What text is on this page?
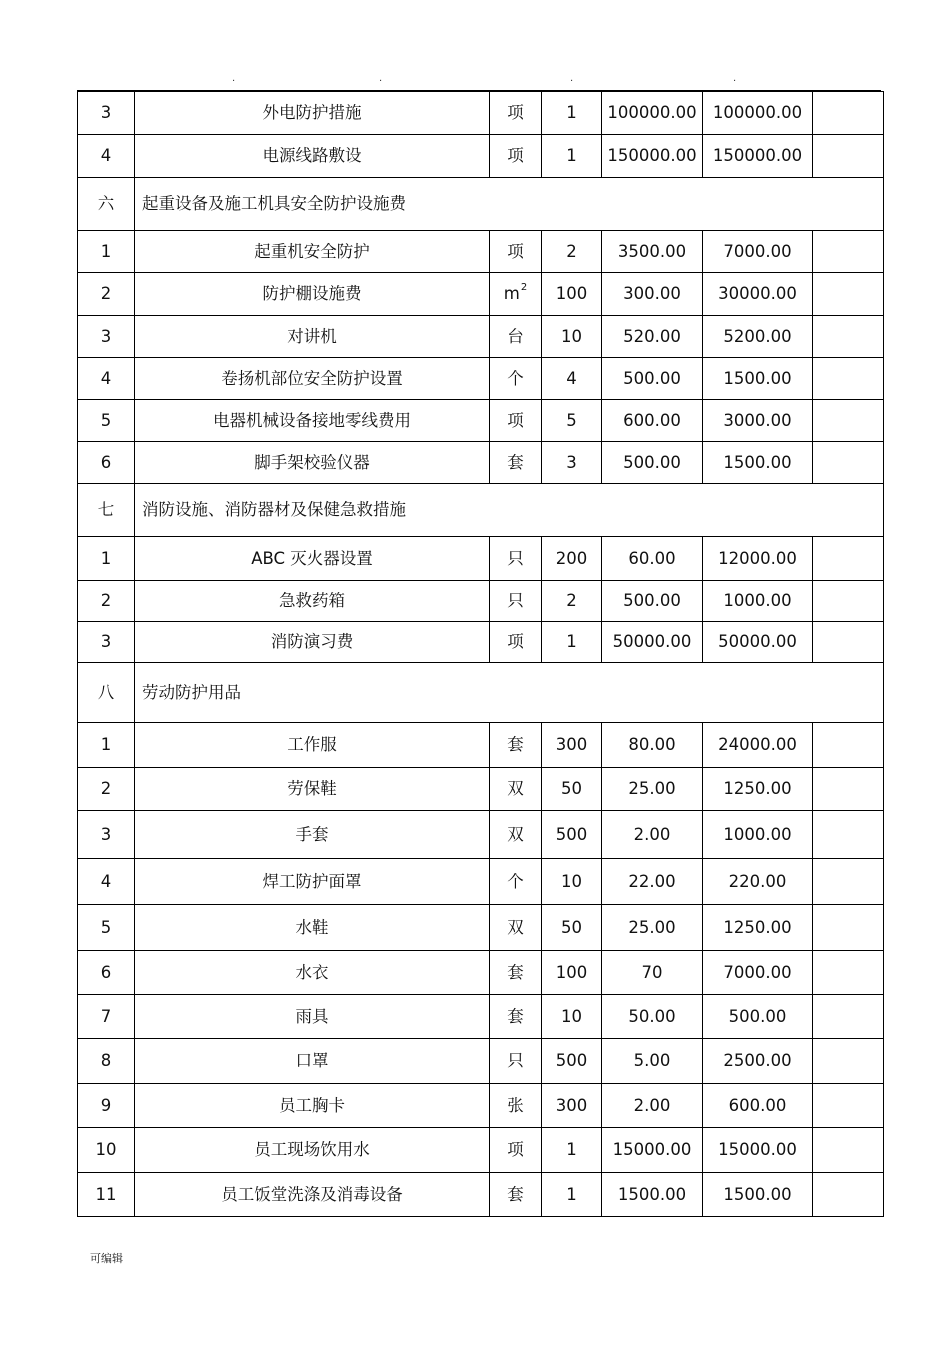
.	.	.	.
3	外电防护措施	项	1	100000.00	100000.00	
4	电源线路敷设	项	1	150000.00	150000.00	
六	起重设备及施工机具安全防护设施费					
1	起重机安全防护	项	2	3500.00	7000.00	
2	防护棚设施费	$m^2$	100	300.00	30000.00	
3	对讲机	台	10	520.00	5200.00	
4	卷扬机部位安全防护设置	个	4	500.00	1500.00	
5	电器机械设备接地零线费用	项	5	600.00	3000.00	
6	脚手架校验仪器	套	3	500.00	1500.00	
七	消防设施、消防器材及保健急救措施					
1	ABC 灭火器设置	只	200	60.00	12000.00	
2	急救药箱	只	2	500.00	1000.00	
3	消防演习费	项	1	50000.00	50000.00	
八	劳动防护用品					
1	工作服	套	300	80.00	24000.00	
2	劳保鞋	双	50	25.00	1250.00	
3	手套	双	500	2.00	1000.00	
4	焊工防护面罩	个	10	22.00	220.00	
5	水鞋	双	50	25.00	1250.00	
6	水衣	套	100	70	7000.00	
7	雨具	套	10	50.00	500.00	
8	口罩	只	500	5.00	2500.00	
9	员工胸卡	张	300	2.00	600.00	
10	员工现场饮用水	项	1	15000.00	15000.00	
11	员工饭堂洗涤及消毒设备	套	1	1500.00	1500.00	
可编辑
